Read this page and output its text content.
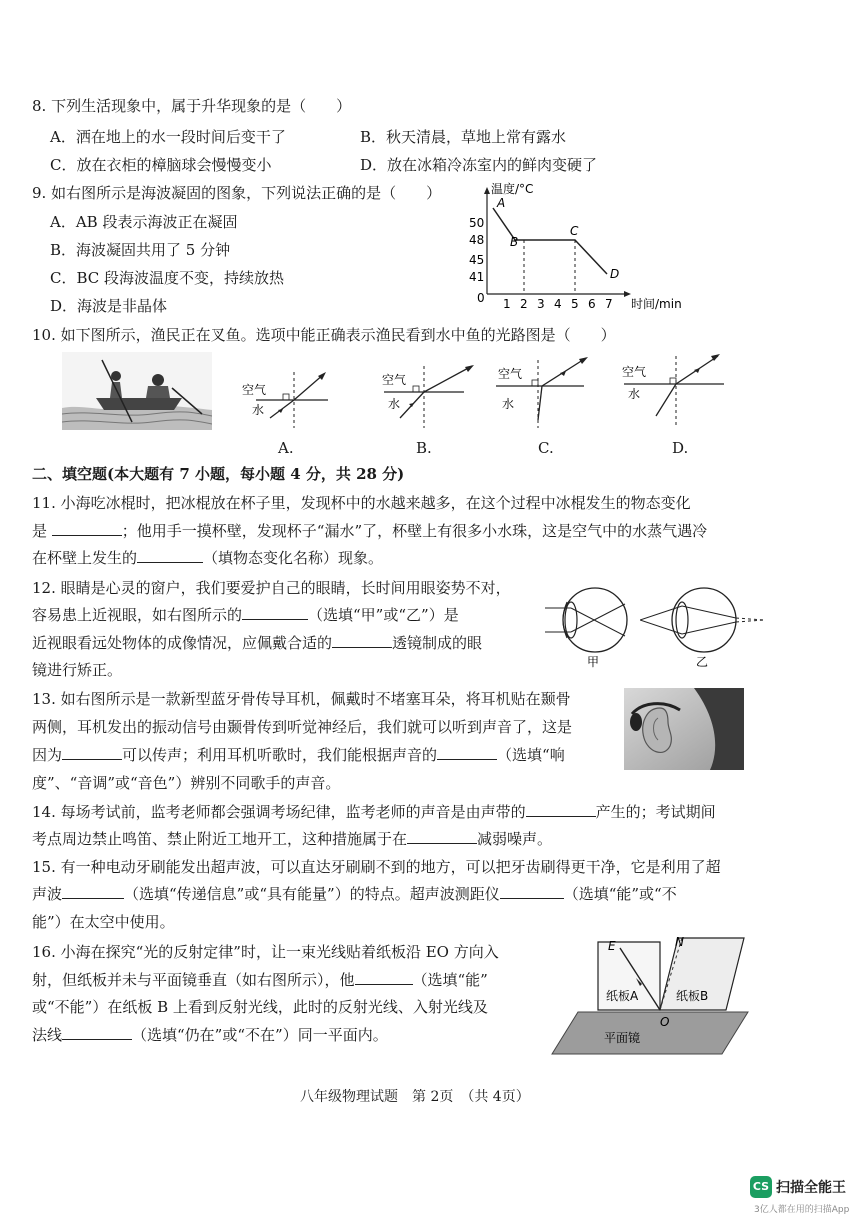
8. 下列生活现象中，属于升华现象的是（　　）
A．洒在地上的水一段时间后变干了	B．秋天清晨，草地上常有露水
C．放在衣柜的樟脑球会慢慢变小	D．放在冰箱冷冻室内的鲜肉变硬了
9. 如右图所示是海波凝固的图象，下列说法正确的是（　　）
A．AB 段表示海波正在凝固
B．海波凝固共用了 5 分钟
C．BC 段海波温度不变，持续放热
D．海波是非晶体
温度/°C
时间/min
0
50
48
45
41
1 2 3 4 5 6 7
A
B
C
D
10. 如下图所示，渔民正在叉鱼。选项中能正确表示渔民看到水中鱼的光路图是（　　）
空气
水
A.
空气
水
B.
空气
水
C.
空气
水
D.
二、填空题(本大题有 7 小题，每小题 4 分，共 28 分)
11. 小海吃冰棍时，把冰棍放在杯子里，发现杯中的水越来越多，在这个过程中冰棍发生的物态变化
是	；他用手一摸杯壁，发现杯子“漏水”了，杯壁上有很多小水珠，这是空气中的水蒸气遇冷
在杯壁上发生的	（填物态变化名称）现象。
12. 眼睛是心灵的窗户，我们要爱护自己的眼睛，长时间用眼姿势不对，
容易患上近视眼，如右图所示的	（选填“甲”或“乙”）是
近视眼看远处物体的成像情况，应佩戴合适的	透镜制成的眼
镜进行矫正。	甲	乙
13. 如右图所示是一款新型蓝牙骨传导耳机，佩戴时不堵塞耳朵，将耳机贴在颞骨
两侧，耳机发出的振动信号由颞骨传到听觉神经后，我们就可以听到声音了，这是
因为	可以传声；利用耳机听歌时，我们能根据声音的	（选填“响
度”、“音调”或“音色”）辨别不同歌手的声音。
14. 每场考试前，监考老师都会强调考场纪律，监考老师的声音是由声带的	产生的；考试期间
考点周边禁止鸣笛、禁止附近工地开工，这种措施属于在	减弱噪声。
15. 有一种电动牙刷能发出超声波，可以直达牙刷刷不到的地方，可以把牙齿刷得更干净，它是利用了超
声波	（选填“传递信息”或“具有能量”）的特点。超声波测距仪	（选填“能”或“不
能”）在太空中使用。
16. 小海在探究“光的反射定律”时，让一束光线贴着纸板沿 EO 方向入
射，但纸板并未与平面镜垂直（如右图所示），他	（选填“能”
或“不能”）在纸板 B 上看到反射光线，此时的反射光线、入射光线及
法线	（选填“仍在”或“不在”）同一平面内。
E	N
O
纸板A	纸板B
平面镜
八年级物理试题　第 2页　（共 4页）
CS 扫描全能王
3亿人都在用的扫描App
